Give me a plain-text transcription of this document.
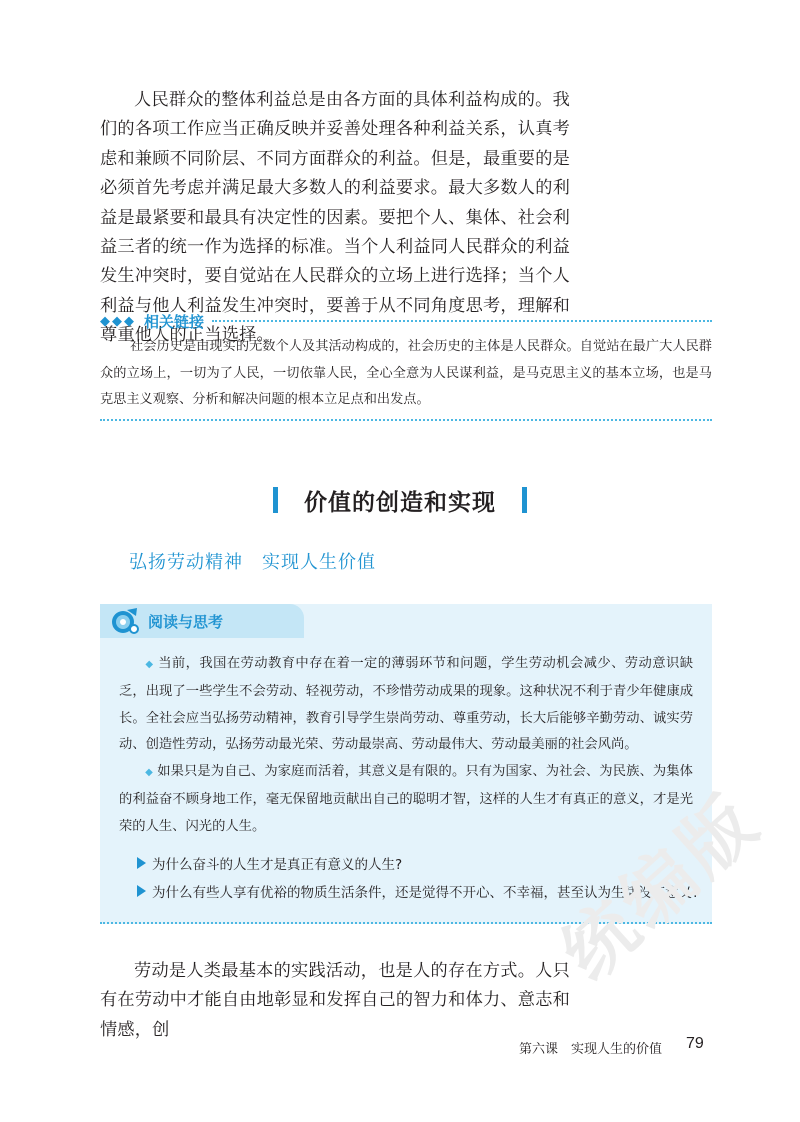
人民群众的整体利益总是由各方面的具体利益构成的。我们的各项工作应当正确反映并妥善处理各种利益关系，认真考虑和兼顾不同阶层、不同方面群众的利益。但是，最重要的是必须首先考虑并满足最大多数人的利益要求。最大多数人的利益是最紧要和最具有决定性的因素。要把个人、集体、社会利益三者的统一作为选择的标准。当个人利益同人民群众的利益发生冲突时，要自觉站在人民群众的立场上进行选择；当个人利益与他人利益发生冲突时，要善于从不同角度思考，理解和尊重他人的正当选择。

◆◆◆ 相关链接

社会历史是由现实的无数个人及其活动构成的，社会历史的主体是人民群众。自觉站在最广大人民群众的立场上，一切为了人民，一切依靠人民，全心全意为人民谋利益，是马克思主义的基本立场，也是马克思主义观察、分析和解决问题的根本立足点和出发点。

价值的创造和实现
弘扬劳动精神　实现人生价值

阅读与思考

◆ 当前，我国在劳动教育中存在着一定的薄弱环节和问题，学生劳动机会减少、劳动意识缺乏，出现了一些学生不会劳动、轻视劳动，不珍惜劳动成果的现象。这种状况不利于青少年健康成长。全社会应当弘扬劳动精神，教育引导学生崇尚劳动、尊重劳动，长大后能够辛勤劳动、诚实劳动、创造性劳动，弘扬劳动最光荣、劳动最崇高、劳动最伟大、劳动最美丽的社会风尚。

◆ 如果只是为自己、为家庭而活着，其意义是有限的。只有为国家、为社会、为民族、为集体的利益奋不顾身地工作，毫无保留地贡献出自己的聪明才智，这样的人生才有真正的意义，才是光荣的人生、闪光的人生。

为什么奋斗的人生才是真正有意义的人生?
为什么有些人享有优裕的物质生活条件，还是觉得不开心、不幸福，甚至认为生活没有意义?
统编版

劳动是人类最基本的实践活动，也是人的存在方式。人只有在劳动中才能自由地彰显和发挥自己的智力和体力、意志和情感，创

第六课　实现人生的价值 79
